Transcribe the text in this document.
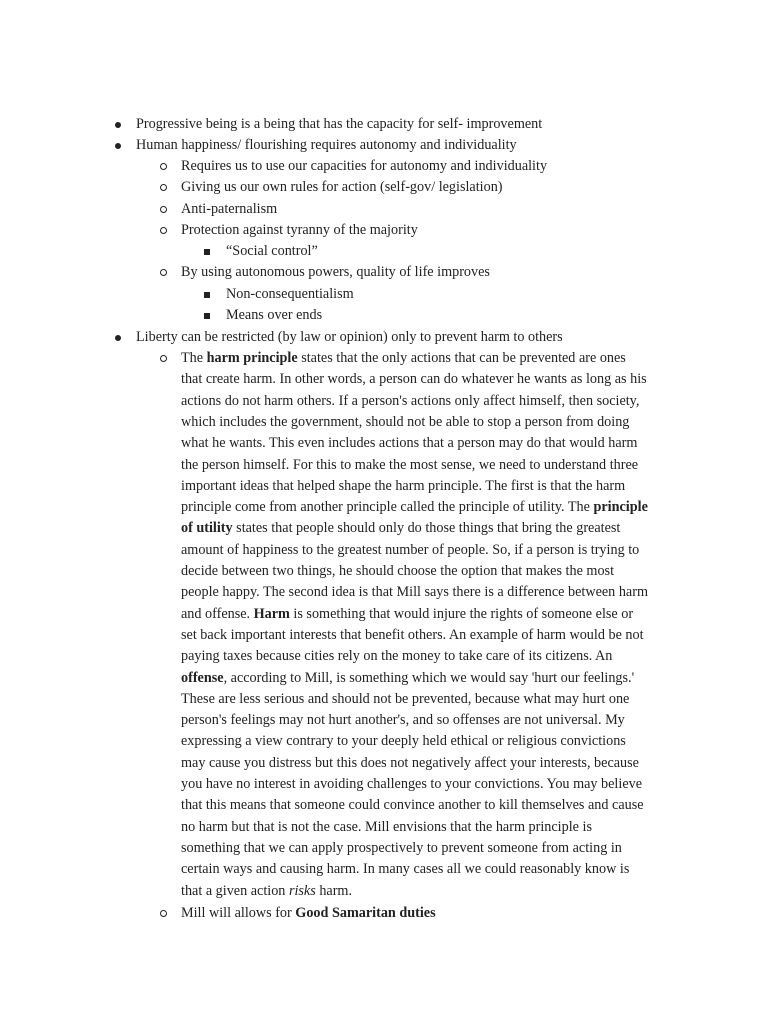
Progressive being is a being that has the capacity for self- improvement
Human happiness/ flourishing requires autonomy and individuality
Requires us to use our capacities for autonomy and individuality
Giving us our own rules for action (self-gov/ legislation)
Anti-paternalism
Protection against tyranny of the majority
“Social control”
By using autonomous powers, quality of life improves
Non-consequentialism
Means over ends
Liberty can be restricted (by law or opinion) only to prevent harm to others
The harm principle states that the only actions that can be prevented are ones
that create harm. In other words, a person can do whatever he wants as long as his
actions do not harm others. If a person's actions only affect himself, then society,
which includes the government, should not be able to stop a person from doing
what he wants. This even includes actions that a person may do that would harm
the person himself. For this to make the most sense, we need to understand three
important ideas that helped shape the harm principle. The first is that the harm
principle come from another principle called the principle of utility. The principle
of utility states that people should only do those things that bring the greatest
amount of happiness to the greatest number of people. So, if a person is trying to
decide between two things, he should choose the option that makes the most
people happy. The second idea is that Mill says there is a difference between harm
and offense. Harm is something that would injure the rights of someone else or
set back important interests that benefit others. An example of harm would be not
paying taxes because cities rely on the money to take care of its citizens. An
offense, according to Mill, is something which we would say 'hurt our feelings.'
These are less serious and should not be prevented, because what may hurt one
person's feelings may not hurt another's, and so offenses are not universal. My
expressing a view contrary to your deeply held ethical or religious convictions
may cause you distress but this does not negatively affect your interests, because
you have no interest in avoiding challenges to your convictions. You may believe
that this means that someone could convince another to kill themselves and cause
no harm but that is not the case. Mill envisions that the harm principle is
something that we can apply prospectively to prevent someone from acting in
certain ways and causing harm. In many cases all we could reasonably know is
that a given action risks harm.
Mill will allows for Good Samaritan duties
